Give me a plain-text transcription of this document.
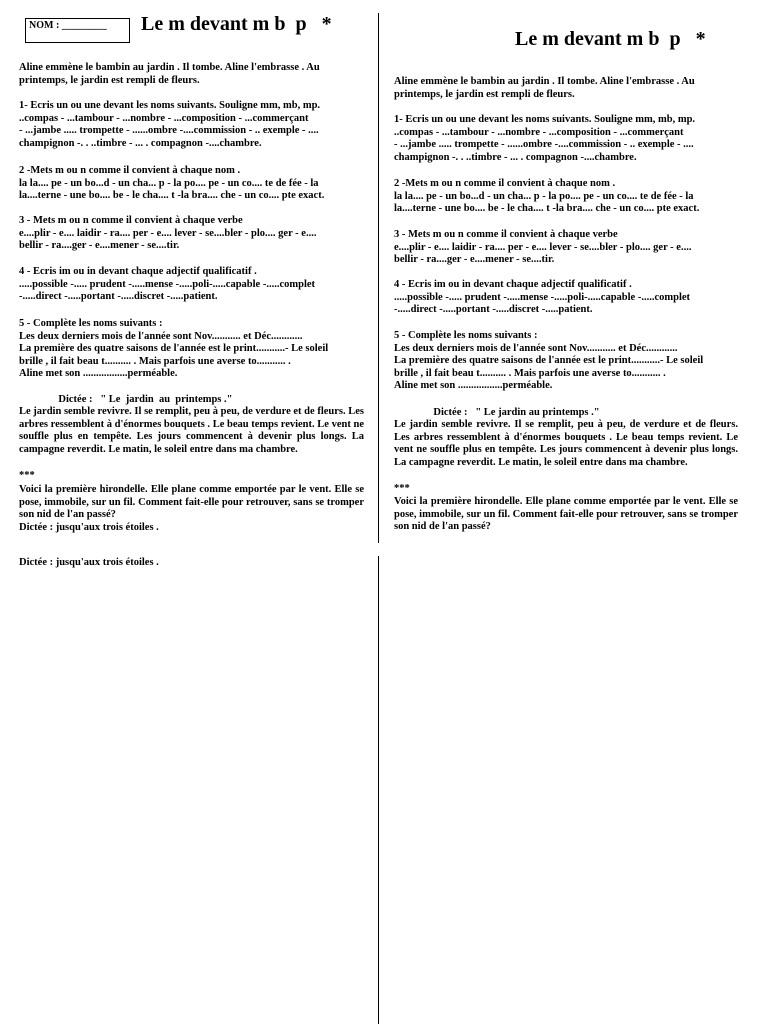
NOM : _________ Le m devant m b  p   *

Aline emmène le bambin au jardin . Il tombe. Aline l'embrasse . Au
printemps, le jardin est rempli de fleurs.

1- Ecris un ou une devant les noms suivants. Souligne mm, mb, mp.
..compas - ...tambour - ...nombre - ...composition - ...commerçant
- ...jambe ..... trompette - ......ombre -....commission - .. exemple - ....
champignon -. . ..timbre - ... . compagnon -....chambre.

2 -Mets m ou n comme il convient à chaque nom .
la la.... pe - un bo...d - un cha... p - la po.... pe - un co.... te de fée - la
la....terne - une bo.... be - le cha.... t -la bra.... che - un co.... pte exact.

3 - Mets m ou n comme il convient à chaque verbe
e....plir - e.... laidir - ra.... per - e.... lever - se....bler - plo.... ger - e....
bellir - ra....ger - e....mener - se....tir.

4 - Ecris im ou in devant chaque adjectif qualificatif .
.....possible -..... prudent -.....mense -.....poli-.....capable -.....complet
-.....direct -.....portant -.....discret -.....patient.

5 - Complète les noms suivants :
Les deux derniers mois de l'année sont Nov........... et Déc............
La première des quatre saisons de l'année est le print...........- Le soleil
brille , il fait beau t.......... . Mais parfois une averse to........... .
Aline met son .................perméable.

Dictée :   " Le  jardin  au  printemps ."

Le jardin semble revivre. Il se remplit, peu à peu, de verdure et de fleurs. Les arbres ressemblent à d'énormes bouquets . Le beau temps revient. Le vent ne souffle plus en tempête. Les jours commencent à devenir plus longs. La campagne reverdit. Le matin, le soleil entre dans ma chambre.

***

Voici la première hirondelle. Elle plane comme emportée par le vent. Elle se pose, immobile, sur un fil. Comment fait-elle pour retrouver, sans se tromper son nid de l'an passé?

Dictée : jusqu'aux trois étoiles .

Dictée : jusqu'aux trois étoiles .

Le m devant m b  p   *

Aline emmène le bambin au jardin . Il tombe. Aline l'embrasse . Au
printemps, le jardin est rempli de fleurs.

1- Ecris un ou une devant les noms suivants. Souligne mm, mb, mp.
..compas - ...tambour - ...nombre - ...composition - ...commerçant
- ...jambe ..... trompette - ......ombre -....commission - .. exemple - ....
champignon -. . ..timbre - ... . compagnon -....chambre.

2 -Mets m ou n comme il convient à chaque nom .
la la.... pe - un bo...d - un cha... p - la po.... pe - un co.... te de fée - la
la....terne - une bo.... be - le cha.... t -la bra.... che - un co.... pte exact.

3 - Mets m ou n comme il convient à chaque verbe
e....plir - e.... laidir - ra.... per - e.... lever - se....bler - plo.... ger - e....
bellir - ra....ger - e....mener - se....tir.

4 - Ecris im ou in devant chaque adjectif qualificatif .
.....possible -..... prudent -.....mense -.....poli-.....capable -.....complet
-.....direct -.....portant -.....discret -.....patient.

5 - Complète les noms suivants :
Les deux derniers mois de l'année sont Nov........... et Déc............
La première des quatre saisons de l'année est le print...........- Le soleil
brille , il fait beau t.......... . Mais parfois une averse to........... .
Aline met son .................perméable.

Dictée :   " Le jardin au printemps ."

Le jardin semble revivre. Il se remplit, peu à peu, de verdure et de fleurs. Les arbres ressemblent à d'énormes bouquets . Le beau temps revient. Le vent ne souffle plus en tempête. Les jours commencent à devenir plus longs. La campagne reverdit. Le matin, le soleil entre dans ma chambre.

***

Voici la première hirondelle. Elle plane comme emportée par le vent. Elle se pose, immobile, sur un fil. Comment fait-elle pour retrouver, sans se tromper son nid de l'an passé?
